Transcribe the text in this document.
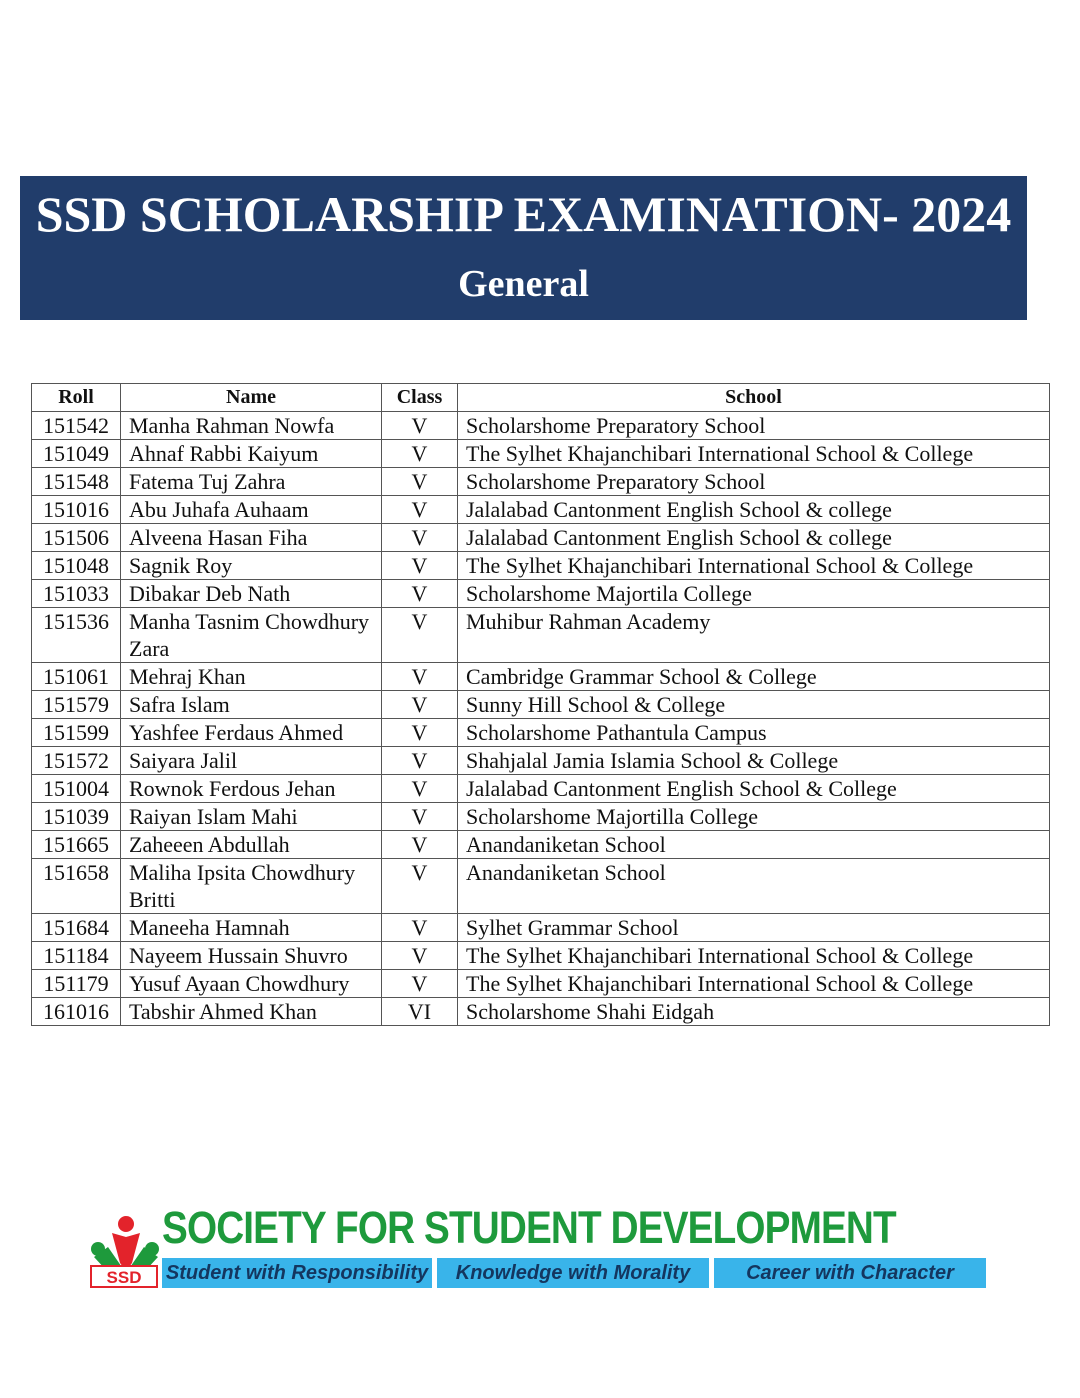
SSD SCHOLARSHIP EXAMINATION- 2024
General
Roll	Name	Class	School
151542	Manha Rahman Nowfa	V	Scholarshome Preparatory School
151049	Ahnaf Rabbi Kaiyum	V	The Sylhet Khajanchibari International School & College
151548	Fatema Tuj Zahra	V	Scholarshome Preparatory School
151016	Abu Juhafa Auhaam	V	Jalalabad Cantonment English School & college
151506	Alveena Hasan Fiha	V	Jalalabad Cantonment English School & college
151048	Sagnik Roy	V	The Sylhet Khajanchibari International School & College
151033	Dibakar Deb Nath	V	Scholarshome Majortila College
151536	Manha Tasnim Chowdhury Zara	V	Muhibur Rahman Academy
151061	Mehraj Khan	V	Cambridge Grammar School & College
151579	Safra Islam	V	Sunny Hill School & College
151599	Yashfee Ferdaus Ahmed	V	Scholarshome Pathantula Campus
151572	Saiyara Jalil	V	Shahjalal Jamia Islamia School & College
151004	Rownok Ferdous Jehan	V	Jalalabad Cantonment English School & College
151039	Raiyan Islam Mahi	V	Scholarshome Majortilla College
151665	Zaheeen Abdullah	V	Anandaniketan School
151658	Maliha Ipsita Chowdhury Britti	V	Anandaniketan School
151684	Maneeha Hamnah	V	Sylhet Grammar School
151184	Nayeem Hussain Shuvro	V	The Sylhet Khajanchibari International School & College
151179	Yusuf Ayaan Chowdhury	V	The Sylhet Khajanchibari International School & College
161016	Tabshir Ahmed Khan	VI	Scholarshome Shahi Eidgah
SSD
SOCIETY FOR STUDENT DEVELOPMENT
Student with Responsibility	Knowledge with Morality	Career with Character
